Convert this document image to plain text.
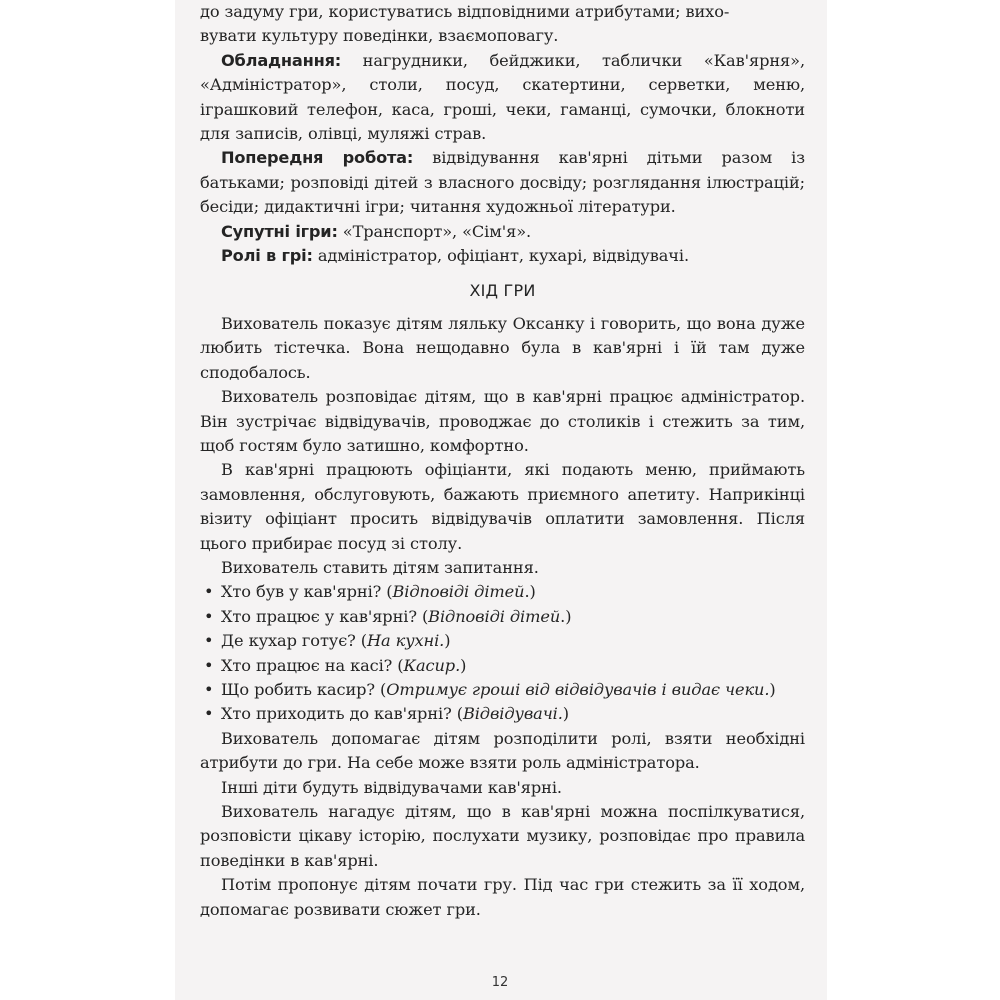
до задуму гри, користуватись відповідними атрибутами; вихо-

вувати культуру поведінки, взаємоповагу.

Обладнання: нагрудники, бейджики, таблички «Кав'ярня», «Адміністратор», столи, посуд, скатертини, серветки, меню, іграшковий телефон, каса, гроші, чеки, гаманці, сумочки, блокноти для записів, олівці, муляжі страв.

Попередня робота: відвідування кав'ярні дітьми разом із батьками; розповіді дітей з власного досвіду; розглядання ілюстрацій; бесіди; дидактичні ігри; читання художньої літератури.

Супутні ігри: «Транспорт», «Сім'я».

Ролі в грі: адміністратор, офіціант, кухарі, відвідувачі.

ХІД ГРИ

Вихователь показує дітям ляльку Оксанку і говорить, що вона дуже любить тістечка. Вона нещодавно була в кав'ярні і їй там дуже сподобалось.

Вихователь розповідає дітям, що в кав'ярні працює адміністратор. Він зустрічає відвідувачів, проводжає до столиків і стежить за тим, щоб гостям було затишно, комфортно.

В кав'ярні працюють офіціанти, які подають меню, приймають замовлення, обслуговують, бажають приємного апетиту. Наприкінці візиту офіціант просить відвідувачів оплатити замовлення. Після цього прибирає посуд зі столу.

Вихователь ставить дітям запитання.

• Хто був у кав'ярні? (Відповіді дітей.)

• Хто працює у кав'ярні? (Відповіді дітей.)

• Де кухар готує? (На кухні.)

• Хто працює на касі? (Касир.)

• Що робить касир? (Отримує гроші від відвідувачів і видає чеки.)

• Хто приходить до кав'ярні? (Відвідувачі.)

Вихователь допомагає дітям розподілити ролі, взяти необхідні атрибути до гри. На себе може взяти роль адміністратора.

Інші діти будуть відвідувачами кав'ярні.

Вихователь нагадує дітям, що в кав'ярні можна поспілкуватися, розповісти цікаву історію, послухати музику, розповідає про правила поведінки в кав'ярні.

Потім пропонує дітям почати гру. Під час гри стежить за її ходом, допомагає розвивати сюжет гри.

12
